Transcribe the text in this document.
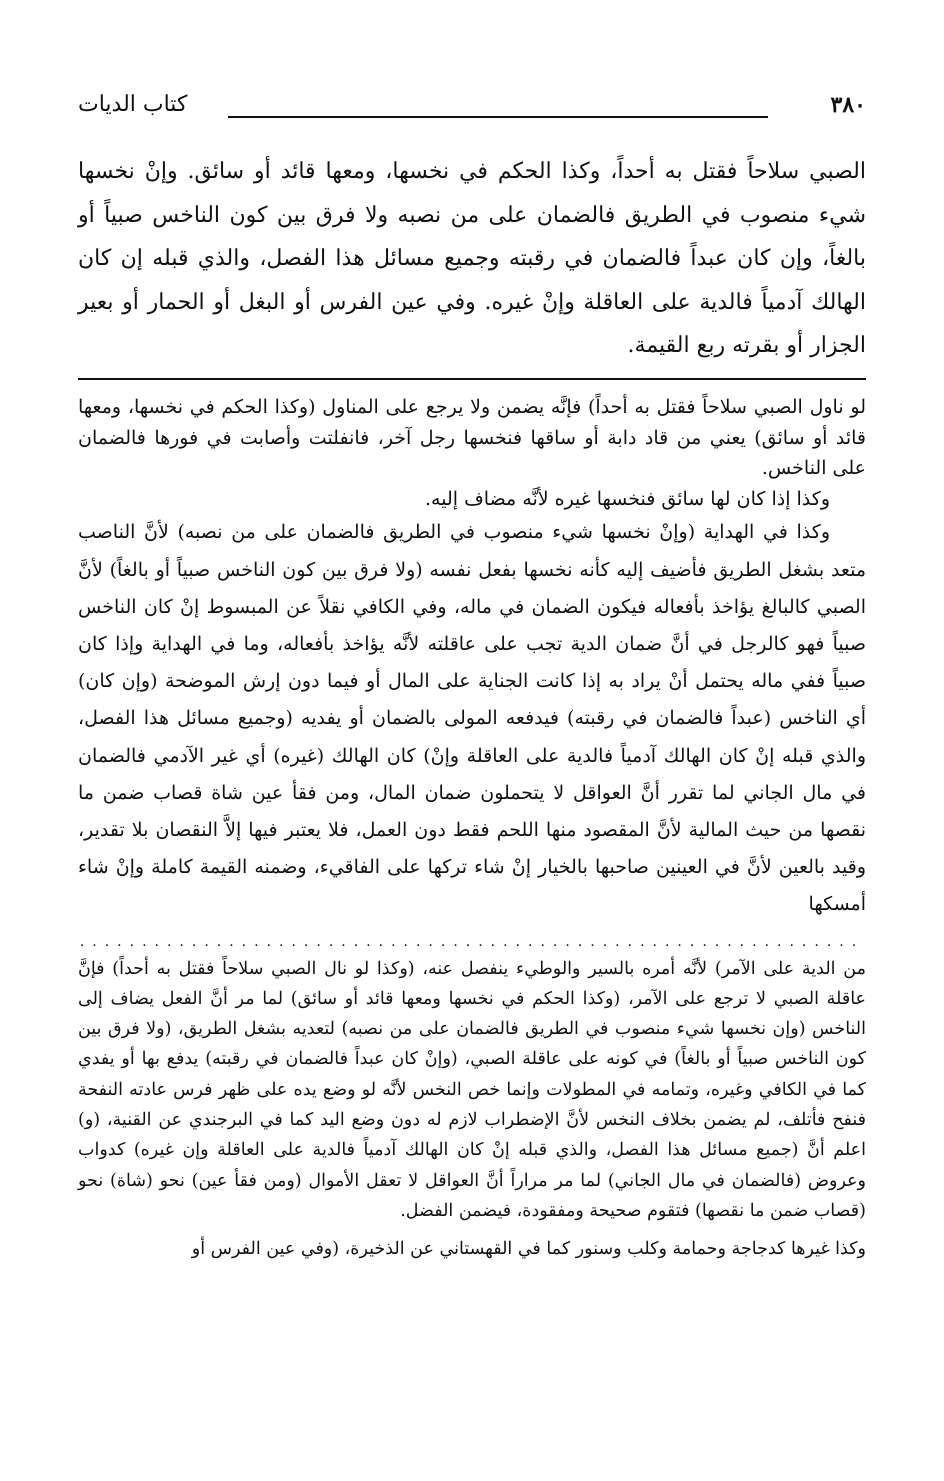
٣٨٠
كتاب الديات

الصبي سلاحاً فقتل به أحداً، وكذا الحكم في نخسها، ومعها قائد أو سائق. وإنْ نخسها شيء منصوب في الطريق فالضمان على من نصبه ولا فرق بين كون الناخس صبياً أو بالغاً، وإن كان عبداً فالضمان في رقبته وجميع مسائل هذا الفصل، والذي قبله إن كان الهالك آدمياً فالدية على العاقلة وإنْ غيره. وفي عين الفرس أو البغل أو الحمار أو بعير الجزار أو بقرته ربع القيمة.

لو ناول الصبي سلاحاً فقتل به أحداً) فإنَّه يضمن ولا يرجع على المناول (وكذا الحكم في نخسها، ومعها قائد أو سائق) يعني من قاد دابة أو ساقها فنخسها رجل آخر، فانفلتت وأصابت في فورها فالضمان على الناخس.

وكذا إذا كان لها سائق فنخسها غيره لأنَّه مضاف إليه.

وكذا في الهداية (وإنْ نخسها شيء منصوب في الطريق فالضمان على من نصبه) لأنَّ الناصب متعد بشغل الطريق فأضيف إليه كأنه نخسها بفعل نفسه (ولا فرق بين كون الناخس صبياً أو بالغاً) لأنَّ الصبي كالبالغ يؤاخذ بأفعاله فيكون الضمان في ماله، وفي الكافي نقلاً عن المبسوط إنْ كان الناخس صبياً فهو كالرجل في أنَّ ضمان الدية تجب على عاقلته لأنَّه يؤاخذ بأفعاله، وما في الهداية وإذا كان صبياً ففي ماله يحتمل أنْ يراد به إذا كانت الجناية على المال أو فيما دون إرش الموضحة (وإن كان) أي الناخس (عبداً فالضمان في رقبته) فيدفعه المولى بالضمان أو يفديه (وجميع مسائل هذا الفصل، والذي قبله إنْ كان الهالك آدمياً فالدية على العاقلة وإنْ) كان الهالك (غيره) أي غير الآدمي فالضمان في مال الجاني لما تقرر أنَّ العواقل لا يتحملون ضمان المال، ومن فقأ عين شاة قصاب ضمن ما نقصها من حيث المالية لأنَّ المقصود منها اللحم فقط دون العمل، فلا يعتبر فيها إلاَّ النقصان بلا تقدير، وقيد بالعين لأنَّ في العينين صاحبها بالخيار إنْ شاء تركها على الفاقيء، وضمنه القيمة كاملة وإنْ شاء أمسكها

...............................................................

من الدية على الآمر) لأنَّه أمره بالسير والوطيء ينفصل عنه، (وكذا لو نال الصبي سلاحاً فقتل به أحداً) فإنَّ عاقلة الصبي لا ترجع على الآمر، (وكذا الحكم في نخسها ومعها قائد أو سائق) لما مر أنَّ الفعل يضاف إلى الناخس (وإن نخسها شيء منصوب في الطريق فالضمان على من نصبه) لتعديه بشغل الطريق، (ولا فرق بين كون الناخس صبياً أو بالغاً) في كونه على عاقلة الصبي، (وإنْ كان عبداً فالضمان في رقبته) يدفع بها أو يفدي كما في الكافي وغيره، وتمامه في المطولات وإنما خص النخس لأنَّه لو وضع يده على ظهر فرس عادته النفحة فنفح فأتلف، لم يضمن بخلاف النخس لأنَّ الإضطراب لازم له دون وضع اليد كما في البرجندي عن القنية، (و) اعلم أنَّ (جميع مسائل هذا الفصل، والذي قبله إنْ كان الهالك آدمياً فالدية على العاقلة وإن غيره) كدواب وعروض (فالضمان في مال الجاني) لما مر مراراً أنَّ العواقل لا تعقل الأموال (ومن فقأ عين) نحو (شاة) نحو (قصاب ضمن ما نقصها) فتقوم صحيحة ومفقودة، فيضمن الفضل.

وكذا غيرها كدجاجة وحمامة وكلب وسنور كما في القهستاني عن الذخيرة، (وفي عين الفرس أو
